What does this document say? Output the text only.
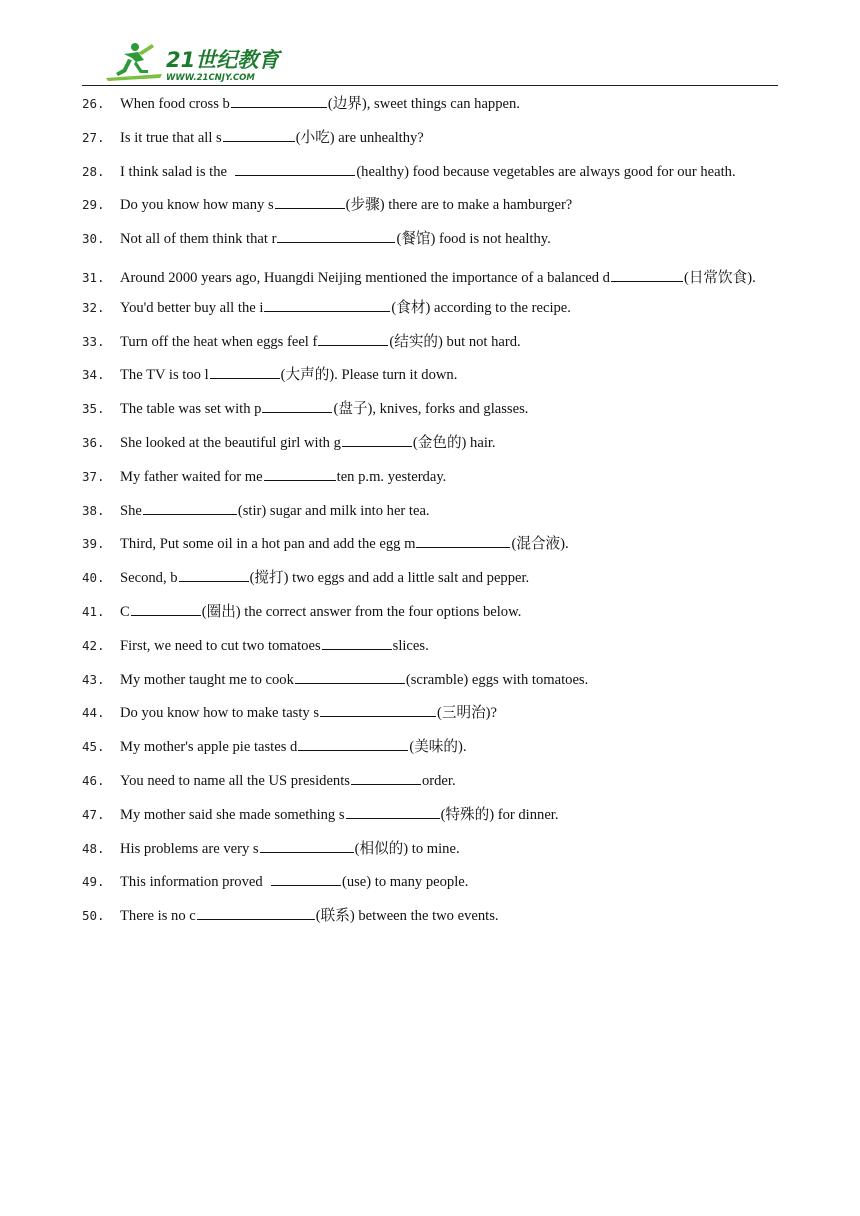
21世纪教育
WWW.21CNJY.COM
26.	When food cross b	(边界), sweet things can happen.
27.	Is it true that all s	(小吃) are unhealthy?
28.	I think salad is the	(healthy) food because vegetables are always good for our heath.
29.	Do you know how many s	(步骤) there are to make a hamburger?
30.	Not all of them think that r	(餐馆) food is not healthy.
31. Around 2000 years ago, Huangdi Neijing mentioned the importance of a balanced d	(日常饮食).
32.	You'd better buy all the i	(食材) according to the recipe.
33.	Turn off the heat when eggs feel f	(结实的) but not hard.
34.	The TV is too l	(大声的). Please turn it down.
35.	The table was set with p	(盘子), knives, forks and glasses.
36.	She looked at the beautiful girl with g	(金色的) hair.
37.	My father waited for me	ten p.m. yesterday.
38.	She	(stir) sugar and milk into her tea.
39.	Third, Put some oil in a hot pan and add the egg m	(混合液).
40.	Second, b	(搅打) two eggs and add a little salt and pepper.
41.	C	(圈出) the correct answer from the four options below.
42.	First, we need to cut two tomatoes	slices.
43.	My mother taught me to cook	(scramble) eggs with tomatoes.
44.	Do you know how to make tasty s	(三明治)?
45.	My mother's apple pie tastes d	(美味的).
46.	You need to name all the US presidents	order.
47.	My mother said she made something s	(特殊的) for dinner.
48.	His problems are very s	(相似的) to mine.
49.	This information proved	(use) to many people.
50.	There is no c	(联系) between the two events.
